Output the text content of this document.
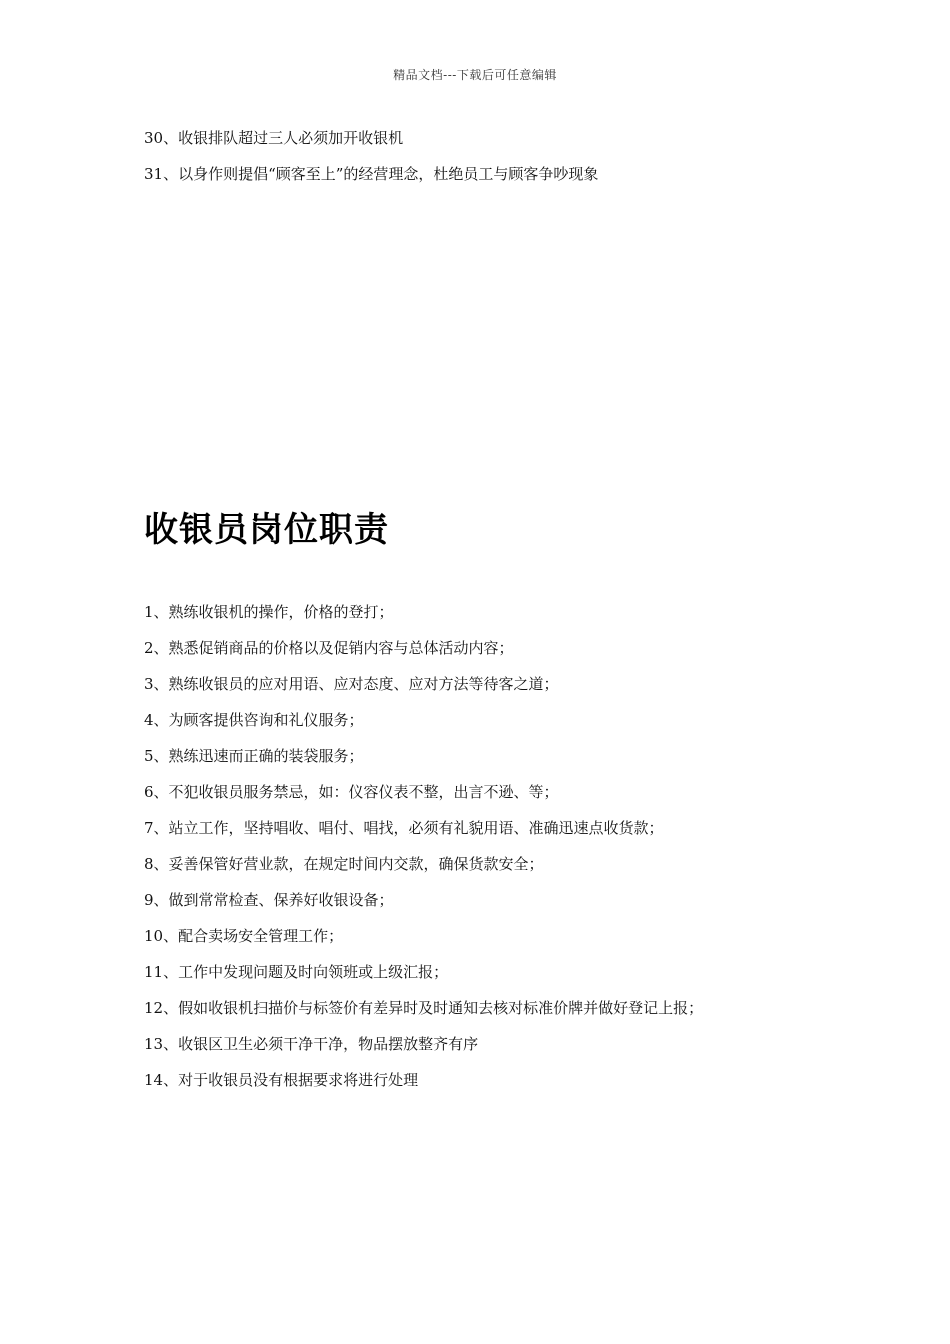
精品文档---下载后可任意编辑
30、收银排队超过三人必须加开收银机
31、以身作则提倡“顾客至上”的经营理念，杜绝员工与顾客争吵现象
收银员岗位职责
1、熟练收银机的操作，价格的登打；
2、熟悉促销商品的价格以及促销内容与总体活动内容；
3、熟练收银员的应对用语、应对态度、应对方法等待客之道；
4、为顾客提供咨询和礼仪服务；
5、熟练迅速而正确的装袋服务；
6、不犯收银员服务禁忌，如：仪容仪表不整，出言不逊、等；
7、站立工作，坚持唱收、唱付、唱找，必须有礼貌用语、准确迅速点收货款；
8、妥善保管好营业款，在规定时间内交款，确保货款安全；
9、做到常常检查、保养好收银设备；
10、配合卖场安全管理工作；
11、工作中发现问题及时向领班或上级汇报；
12、假如收银机扫描价与标签价有差异时及时通知去核对标准价牌并做好登记上报；
13、收银区卫生必须干净干净，物品摆放整齐有序
14、对于收银员没有根据要求将进行处理
